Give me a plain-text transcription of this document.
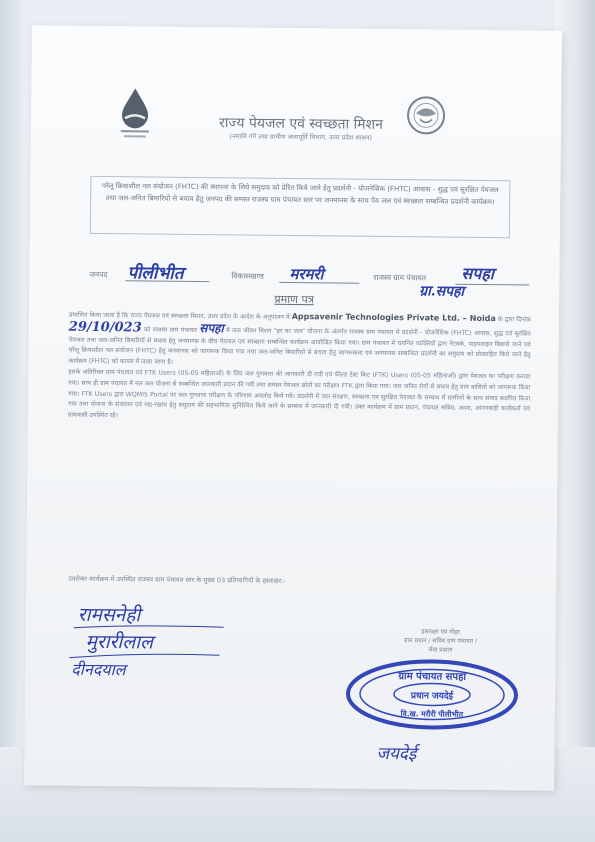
राज्य पेयजल एवं स्वच्छता मिशन
(नमामि गंगे तथा ग्रामीण जलापूर्ति विभाग, उत्तर प्रदेश शासन)
परेलू क्रियाशील नल संयोजन (FHTC) की स्थापना के लिये समुदाय को प्रेरित किये जाने हेतु प्रदर्शनी - योजनेशिक (FHTC) आवास - शुद्ध एवं सुरक्षित पेयजल तथा जल-जनित बिमारियों से बचाव हेतु जनपद की समस्त राजस्व ग्राम पंचायत स्तर पर जनमानस के साथ पेय जल एवं स्वच्छता सम्बन्धित प्रदर्शनी कार्यक्रम।
जनपद पीलीभीत	विकासखण्ड मरमरी	राजस्व ग्राम पंचायत सपहा
ग्रा.सपहा
प्रमाण पत्र
प्रमाणित किया जाता है कि राज्य पेयजल एवं स्वच्छता मिशन, उत्तर प्रदेश के आदेश के अनुपालन में Appsavenir Technologies Private Ltd. – Noida के द्वारा दिनांक 29/10/023 को राजस्व ग्राम पंचायत सपहा में जल जीवन मिशन "हर घर जल" योजना के अंतर्गत राजस्व ग्राम पंचायत में प्रदर्शनी - योजनेशिक (FHTC) आवास, शुद्ध एवं सुरक्षित पेयजल तथा जल-जनित बिमारियों से बचाव हेतु जनमानस के बीच पेयजल एवं स्वच्छता सम्बन्धित कार्यक्रम आयोजित किया गया। ग्राम पंचायत में चयनित व्यक्तियों द्वारा नेटवर्क, पाइपलाइन बिछाये जाने एवं घरेलू क्रियाशील नल संयोजन (FHTC) हेतु जनमानस को जागरूक किया गया तथा जल-जनित बिमारियों से बचाव हेतु जागरूकता एवं जनमानस सम्बन्धित प्रदर्शनी का समुदाय को प्रोत्साहित किये जाने हेतु कार्यक्रम (FHTC) को कायम में लाया जाना है।
इसके अतिरिक्त ग्राम पंचायत एवं FTK Users (05-05 महिलाओं) के लिए जल गुणवत्ता की जानकारी दी गयी एवं फील्ड टेस्ट किट (FTK) Users (05-05 महिलाओं) द्वारा पेयजल का परीक्षण कराया गया। साथ ही ग्राम पंचायत में नल जल योजना से सम्बन्धित जानकारी प्रदान की गयी तथा समस्त पेयजल स्रोतों का परीक्षण FTK द्वारा किया गया। जल जनित रोगों से बचाव हेतु ग्राम वासियों को जागरूक किया गया। FTK Users द्वारा WQMIS Portal पर जल गुणवत्ता परीक्षण के परिणाम अपलोड किये गये। प्रदर्शनी में जल संरक्षण, स्वच्छता एवं सुरक्षित पेयजल के सम्बन्ध में ग्रामीणों के साथ संवाद स्थापित किया गया तथा योजना के संचालन एवं रख-रखाव हेतु समुदाय की सहभागिता सुनिश्चित किये जाने के सम्बन्ध में जानकारी दी गयी। उक्त कार्यक्रम में ग्राम प्रधान, पंचायत सचिव, आशा, आंगनबाड़ी कार्यकर्ता एवं ग्रामवासी उपस्थित रहे।
उपरोक्त कार्यक्रम में उपस्थित राजस्व ग्राम पंचायत स्तर के मुख्य 03 प्रतिभागियों के हस्ताक्षर:-
रामसनेही
मुरारीलाल
दीनदयाल
हस्ताक्षर एवं मोहर
ग्राम प्रधान / सचिव ग्राम पंचायत /
सेवा प्रदाता
ग्राम पंचायत सपहा
प्रधान जयदेई
वि.ख. मरौरी पीलीभीत
जयदेई
